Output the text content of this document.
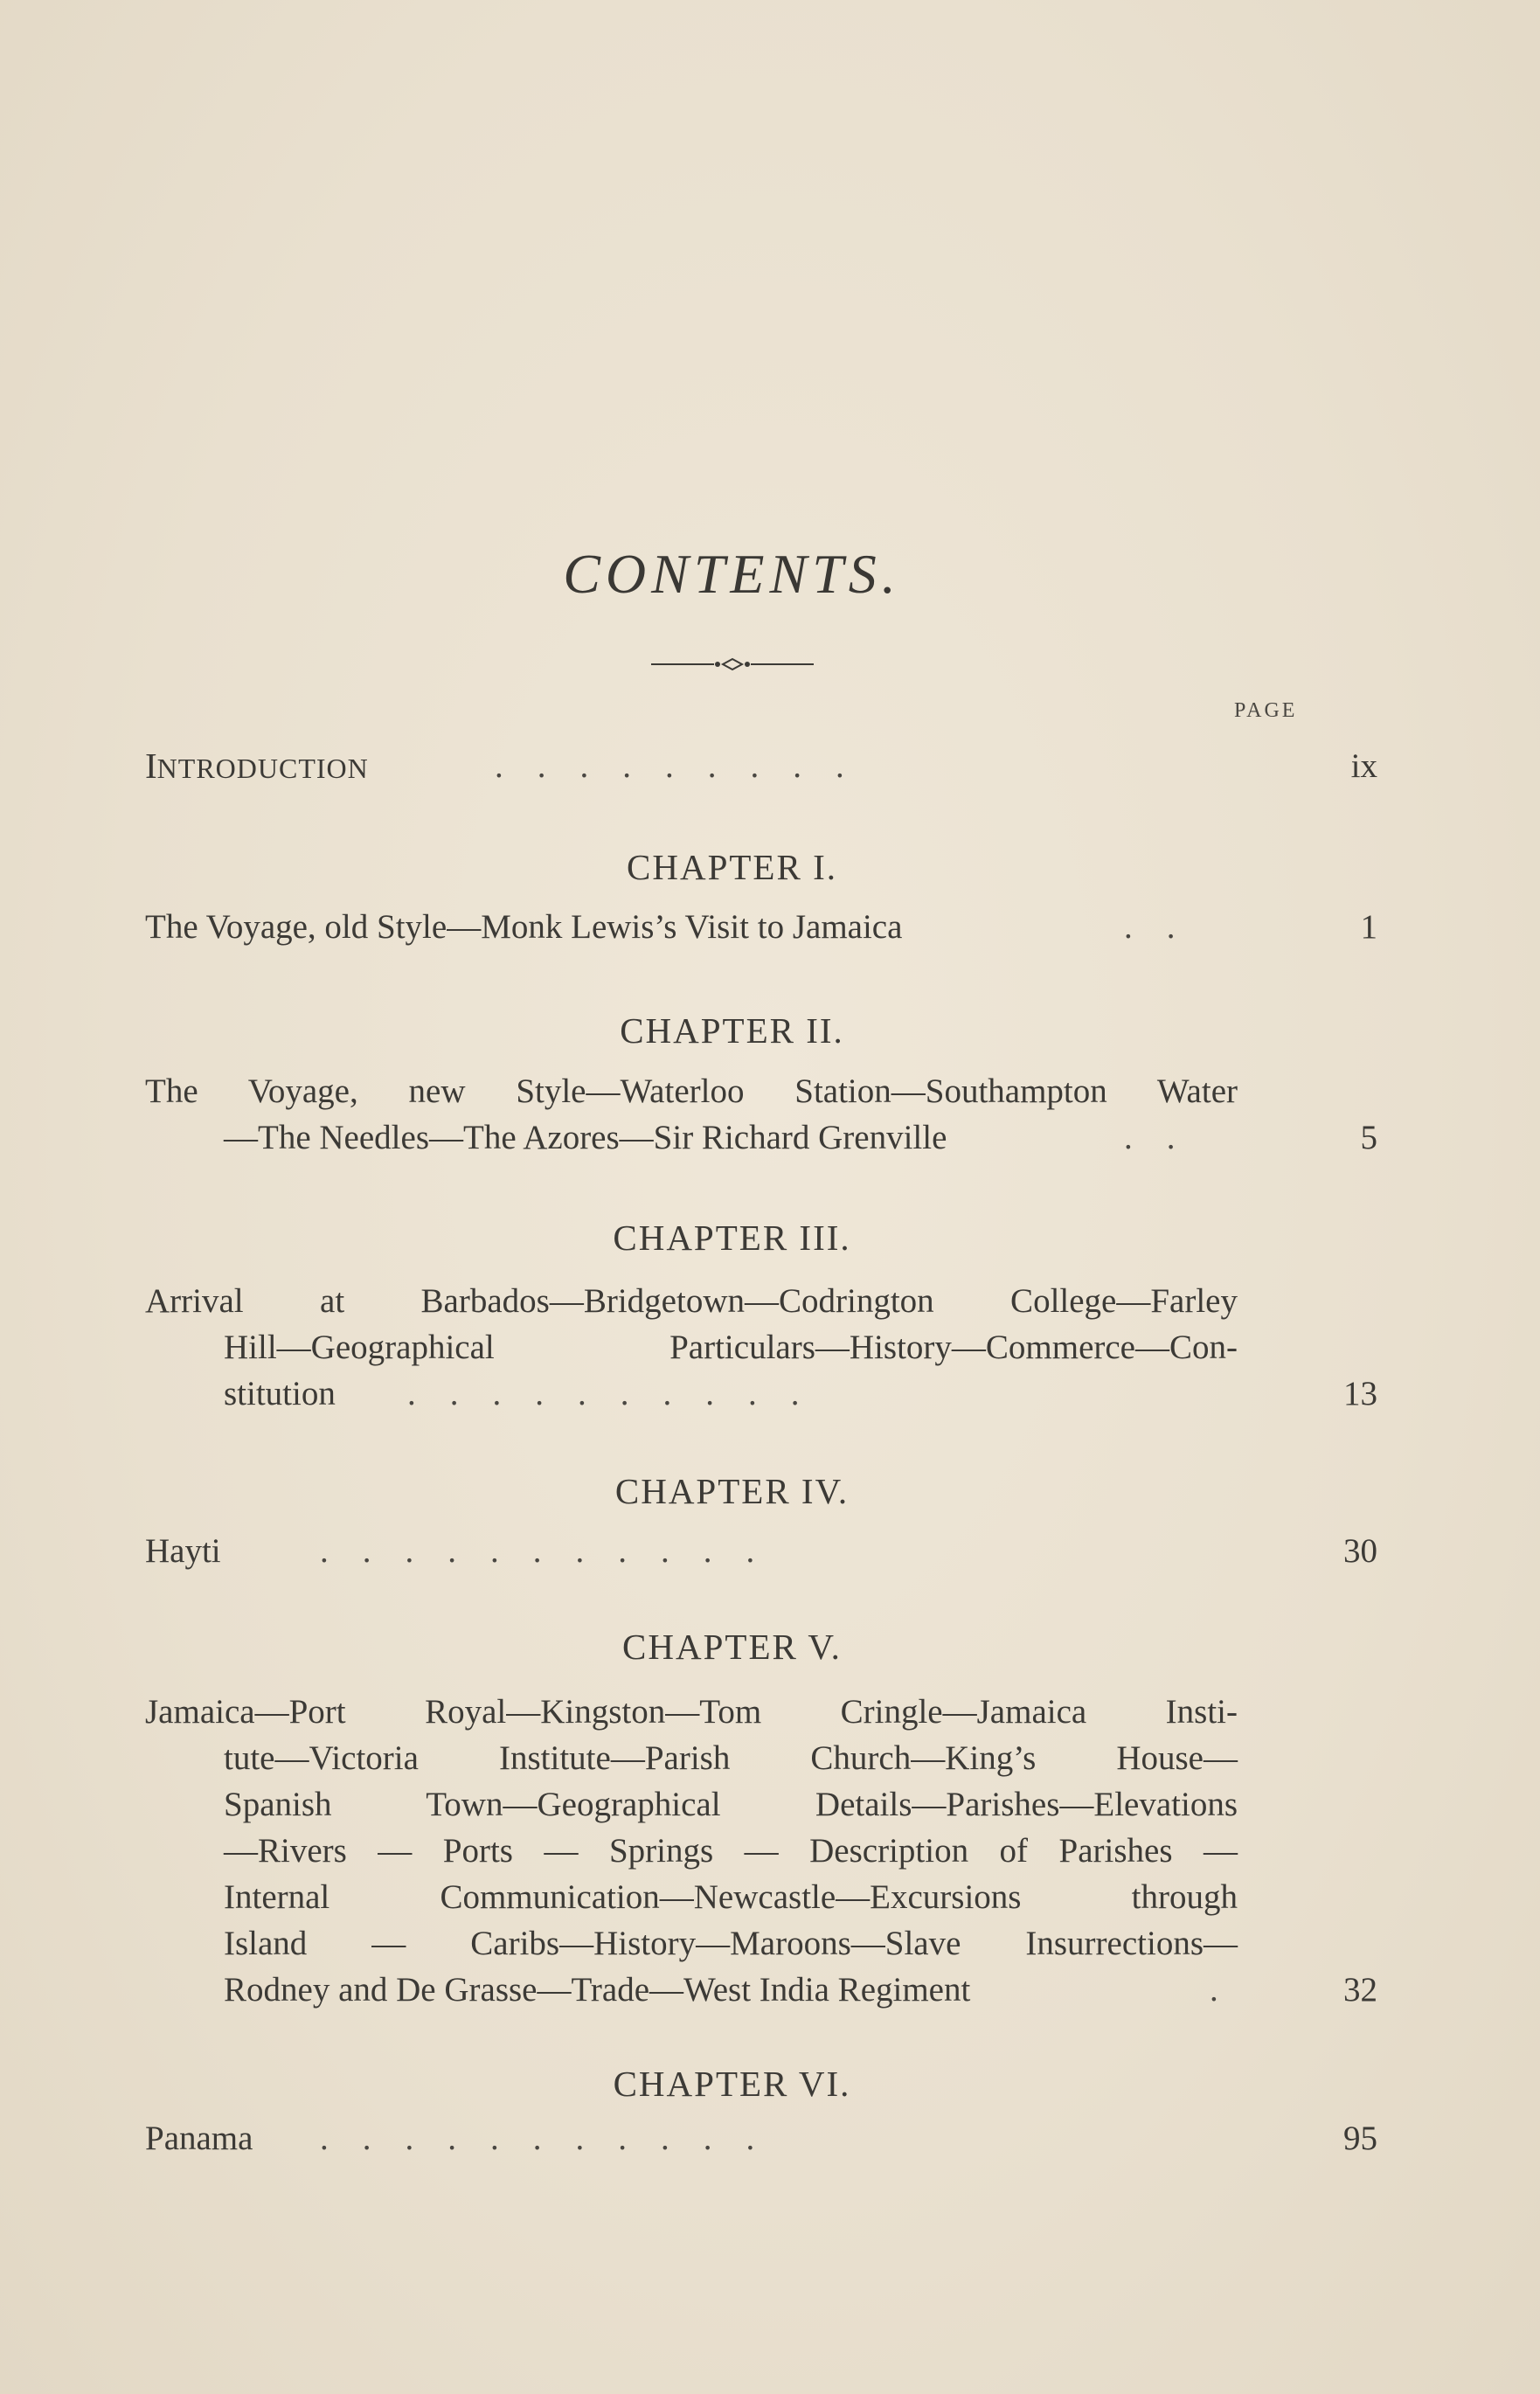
CONTENTS.
PAGE
INTRODUCTION	.    .    .    .    .    .    .    .    .	ix
CHAPTER I.
The Voyage, old Style—Monk Lewis’s Visit to Jamaica	.    .	1
CHAPTER II.
The Voyage, new Style—Waterloo Station—Southampton Water
—The Needles—The Azores—Sir Richard Grenville	.    .	5
CHAPTER III.
Arrival at Barbados—Bridgetown—Codrington College—Farley
Hill—Geographical Particulars—History—Commerce—Con-
stitution .    .    .    .    .    .    .    .    .    .	13
CHAPTER IV.
Hayti	.    .    .    .    .    .    .    .    .    .    .	30
CHAPTER V.
Jamaica—Port Royal—Kingston—Tom Cringle—Jamaica Insti-
tute—Victoria Institute—Parish Church—King’s House—
Spanish Town—Geographical Details—Parishes—Elevations
—Rivers — Ports — Springs — Description of Parishes —
Internal Communication—Newcastle—Excursions through
Island — Caribs—History—Maroons—Slave Insurrections—
Rodney and De Grasse—Trade—West India Regiment	.	32
CHAPTER VI.
Panama .    .    .    .    .    .    .    .    .    .    .	95
